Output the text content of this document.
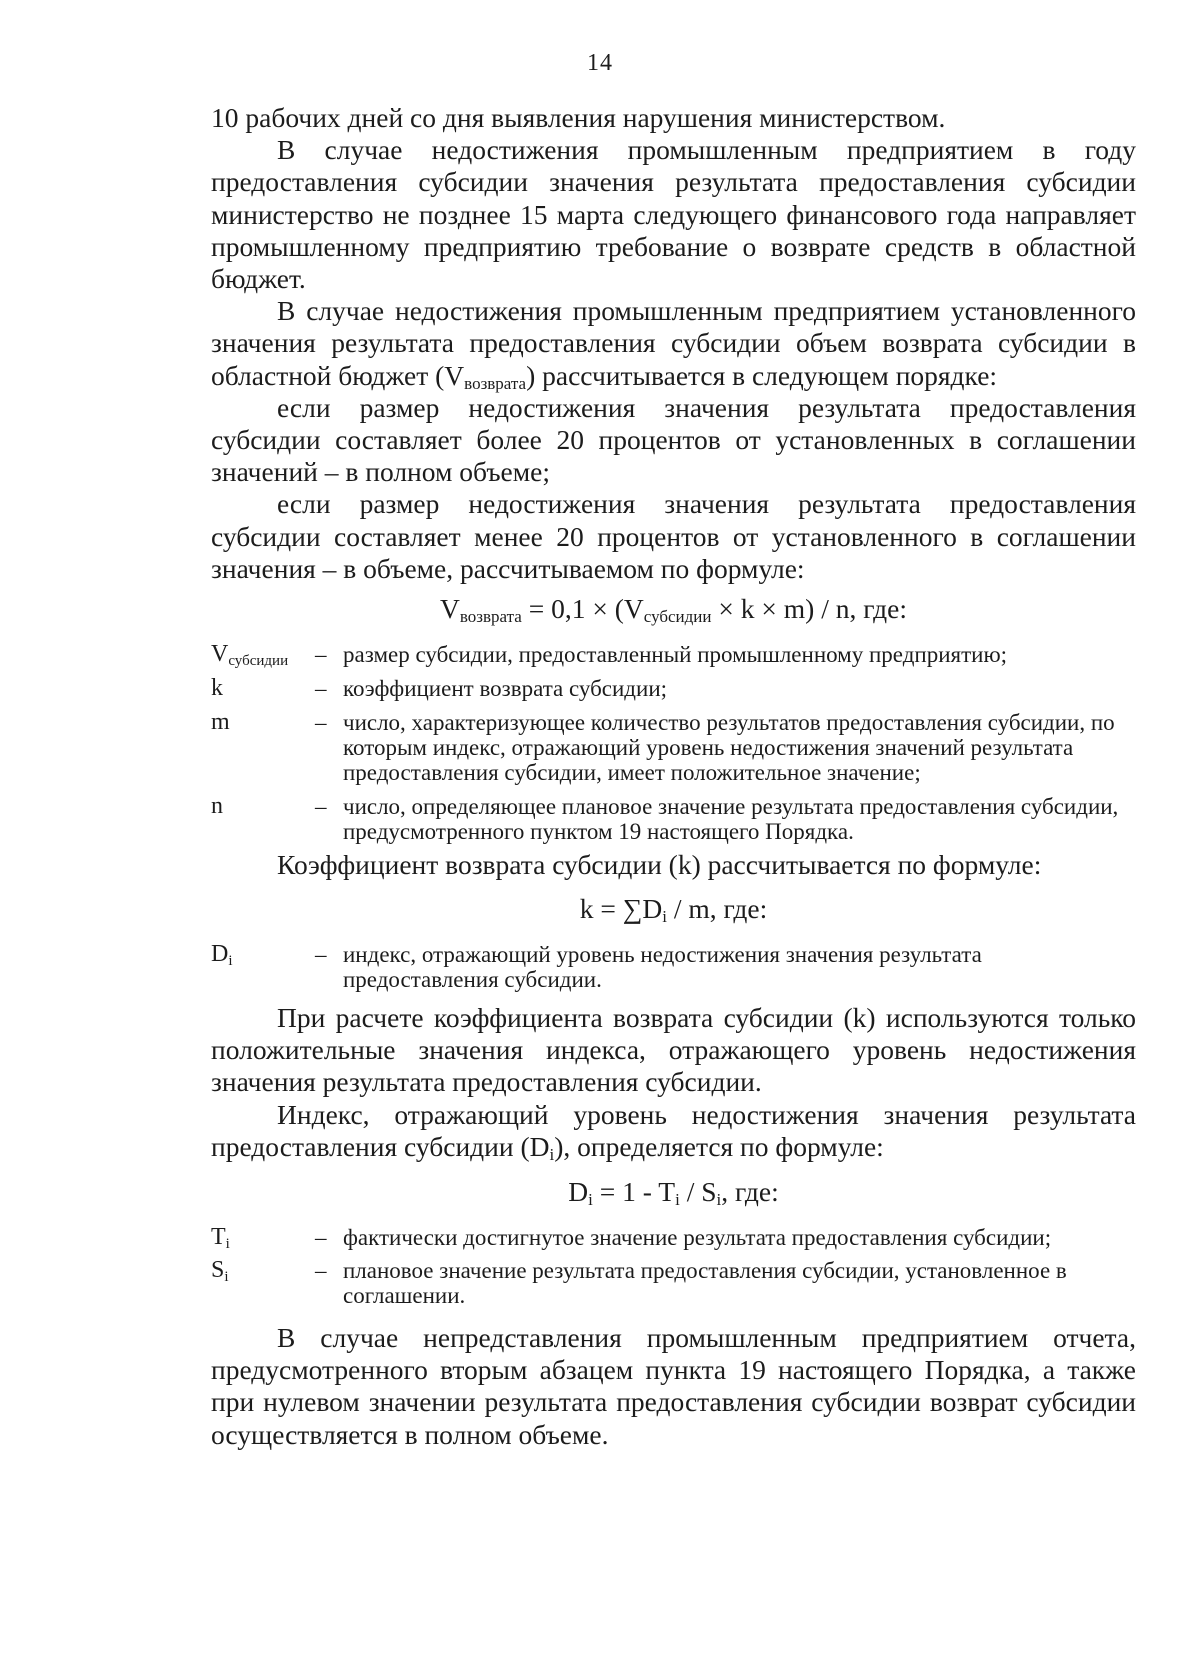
14

10 рабочих дней со дня выявления нарушения министерством.

В случае недостижения промышленным предприятием в году предоставления субсидии значения результата предоставления субсидии министерство не позднее 15 марта следующего финансового года направляет промышленному предприятию требование о возврате средств в областной бюджет.

В случае недостижения промышленным предприятием установленного значения результата предоставления субсидии объем возврата субсидии в областной бюджет $(V_{возврата})$ рассчитывается в следующем порядке:

если размер недостижения значения результата предоставления субсидии составляет более 20 процентов от установленных в соглашении значений – в полном объеме;

если размер недостижения значения результата предоставления субсидии составляет менее 20 процентов от установленного в соглашении значения – в объеме, рассчитываемом по формуле:

$V_{возврата} = 0,1 \times (V_{субсидии} \times k \times m) / n$, где:

$V_{субсидии}$	– размер субсидии, предоставленный промышленному предприятию;
k	– коэффициент возврата субсидии;
m	– число, характеризующее количество результатов предоставления субсидии, по которым индекс, отражающий уровень недостижения значений результата предоставления субсидии, имеет положительное значение;
n	– число, определяющее плановое значение результата предоставления субсидии, предусмотренного пунктом 19 настоящего Порядка.

Коэффициент возврата субсидии (k) рассчитывается по формуле:

$k = \sum D_i / m$, где:

$D_i$	– индекс, отражающий уровень недостижения значения результата предоставления субсидии.

При расчете коэффициента возврата субсидии (k) используются только положительные значения индекса, отражающего уровень недостижения значения результата предоставления субсидии.

Индекс, отражающий уровень недостижения значения результата предоставления субсидии $(D_i)$, определяется по формуле:

$D_i = 1 - T_i / S_i$, где:

$T_i$	– фактически достигнутое значение результата предоставления субсидии;
$S_i$	– плановое значение результата предоставления субсидии, установленное в соглашении.

В случае непредставления промышленным предприятием отчета, предусмотренного вторым абзацем пункта 19 настоящего Порядка, а также при нулевом значении результата предоставления субсидии возврат субсидии осуществляется в полном объеме.
